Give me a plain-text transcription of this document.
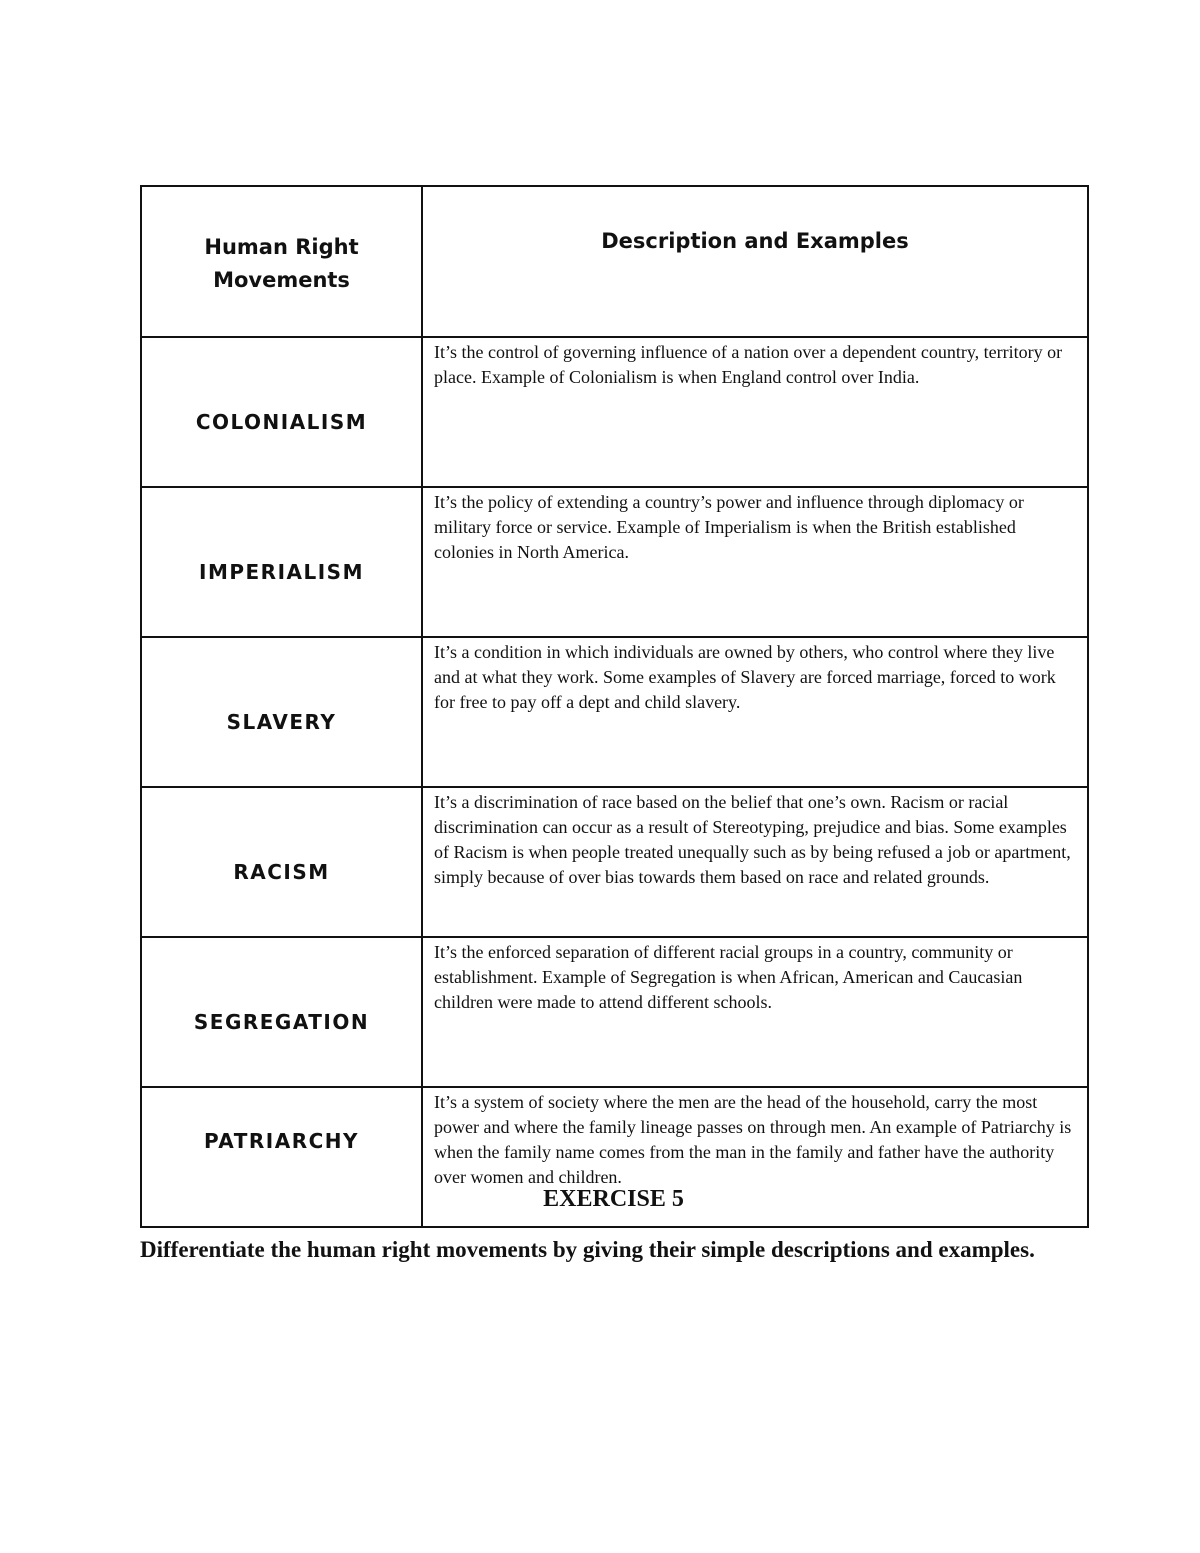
Human Right
Movements	Description and Examples
COLONIALISM	It’s the control of governing influence of a nation over a dependent country, territory or place. Example of Colonialism is when England control over India.
IMPERIALISM	It’s the policy of extending a country’s power and influence through diplomacy or military force or service. Example of Imperialism is when the British established colonies in North America.
SLAVERY	It’s a condition in which individuals are owned by others, who control where they live and at what they work. Some examples of Slavery are forced marriage, forced to work for free to pay off a dept and child slavery.
RACISM	It’s a discrimination of race based on the belief that one’s own. Racism or racial discrimination can occur as a result of Stereotyping, prejudice and bias. Some examples of Racism is when people treated unequally such as by being refused a job or apartment, simply because of over bias towards them based on race and related grounds.
SEGREGATION	It’s the enforced separation of different racial groups in a country, community or establishment. Example of Segregation is when African, American and Caucasian children were made to attend different schools.
PATRIARCHY	It’s a system of society where the men are the head of the household, carry the most power and where the family lineage passes on through men. An example of Patriarchy is when the family name comes from the man in the family and father have the authority over women and children.
EXERCISE 5

Differentiate the human right movements by giving their simple descriptions and examples.
